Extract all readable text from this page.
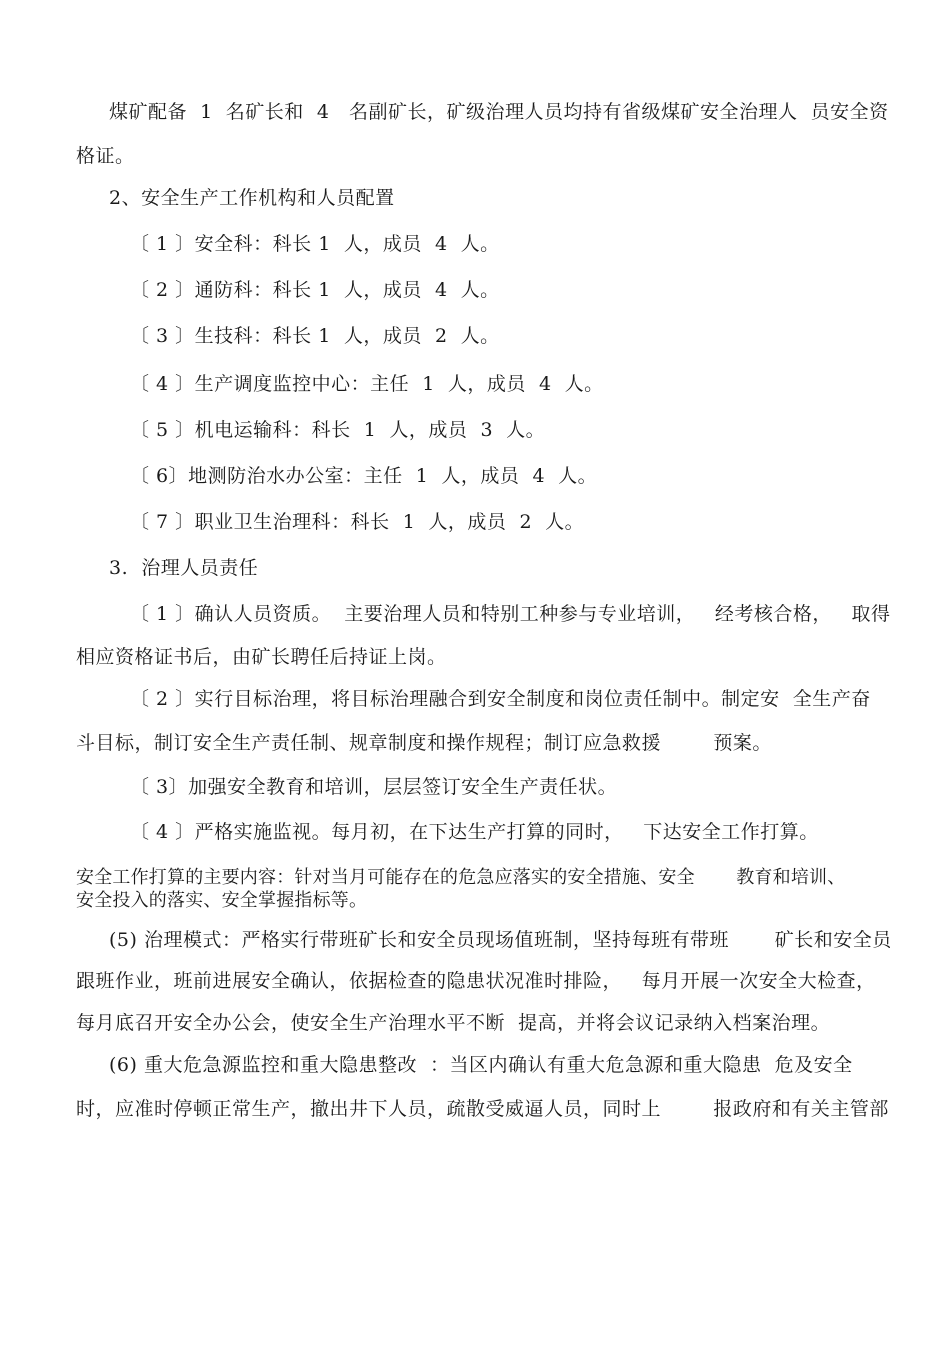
煤矿配备  1  名矿长和  4   名副矿长，矿级治理人员均持有省级煤矿安全治理人  员安全资
格证。
2、安全生产工作机构和人员配置
〔 1 〕安全科：科长 1  人，成员  4  人。
〔 2 〕通防科：科长 1  人，成员  4  人。
〔 3 〕生技科：科长 1  人，成员  2  人。
〔 4 〕生产调度监控中心：主任  1  人，成员  4  人。
〔 5 〕机电运输科：科长  1  人，成员  3  人。
〔 6〕地测防治水办公室：主任  1  人，成员  4  人。
〔 7 〕职业卫生治理科：科长  1  人，成员  2  人。
3.  治理人员责任
〔 1 〕确认人员资质。  主要治理人员和特别工种参与专业培训，   经考核合格，   取得
相应资格证书后，由矿长聘任后持证上岗。
〔 2 〕实行目标治理，将目标治理融合到安全制度和岗位责任制中。制定安  全生产奋
斗目标，制订安全生产责任制、规章制度和操作规程；制订应急救援        预案。
〔 3〕加强安全教育和培训，层层签订安全生产责任状。
〔 4 〕严格实施监视。每月初，在下达生产打算的同时，   下达安全工作打算。
安全工作打算的主要内容：针对当月可能存在的危急应落实的安全措施、安全       教育和培训、
安全投入的落实、安全掌握指标等。
(5) 治理模式：严格实行带班矿长和安全员现场值班制，坚持每班有带班       矿长和安全员
跟班作业，班前进展安全确认，依据检查的隐患状况准时排险，   每月开展一次安全大检查，
每月底召开安全办公会，使安全生产治理水平不断  提高，并将会议记录纳入档案治理。
(6) 重大危急源监控和重大隐患整改  ：当区内确认有重大危急源和重大隐患  危及安全
时，应准时停顿正常生产，撤出井下人员，疏散受威逼人员，同时上        报政府和有关主管部
